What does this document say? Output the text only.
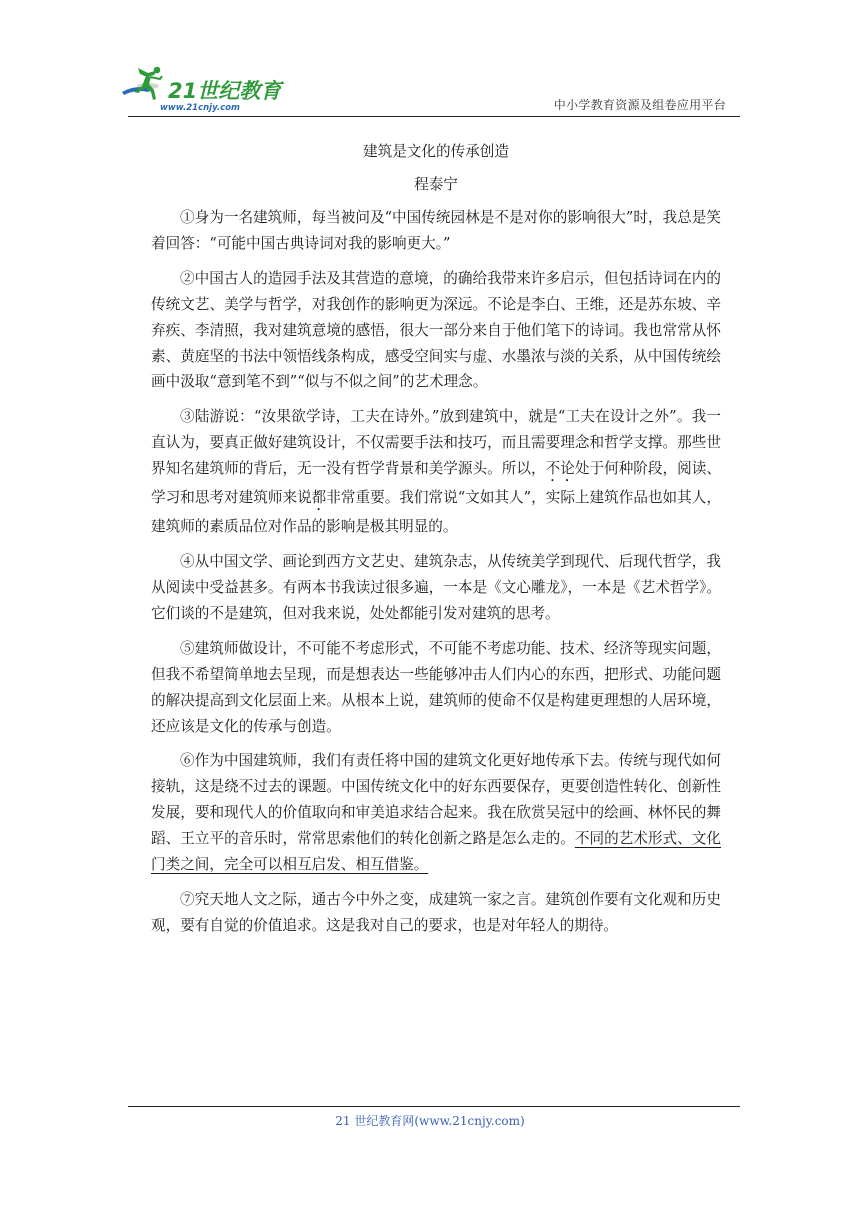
21世纪教育
www.21cnjy.com	中小学教育资源及组卷应用平台
建筑是文化的传承创造
程泰宁

①身为一名建筑师，每当被问及“中国传统园林是不是对你的影响很大”时，我总是笑着回答：“可能中国古典诗词对我的影响更大。”

②中国古人的造园手法及其营造的意境，的确给我带来许多启示，但包括诗词在内的传统文艺、美学与哲学，对我创作的影响更为深远。不论是李白、王维，还是苏东坡、辛弃疾、李清照，我对建筑意境的感悟，很大一部分来自于他们笔下的诗词。我也常常从怀素、黄庭坚的书法中领悟线条构成，感受空间实与虚、水墨浓与淡的关系，从中国传统绘画中汲取“意到笔不到”“似与不似之间”的艺术理念。

③陆游说：“汝果欲学诗，工夫在诗外。”放到建筑中，就是“工夫在设计之外”。我一直认为，要真正做好建筑设计，不仅需要手法和技巧，而且需要理念和哲学支撑。那些世界知名建筑师的背后，无一没有哲学背景和美学源头。所以，不论处于何种阶段，阅读、学习和思考对建筑师来说都非常重要。我们常说“文如其人”，实际上建筑作品也如其人，建筑师的素质品位对作品的影响是极其明显的。

④从中国文学、画论到西方文艺史、建筑杂志，从传统美学到现代、后现代哲学，我从阅读中受益甚多。有两本书我读过很多遍，一本是《文心雕龙》，一本是《艺术哲学》。它们谈的不是建筑，但对我来说，处处都能引发对建筑的思考。

⑤建筑师做设计，不可能不考虑形式，不可能不考虑功能、技术、经济等现实问题，但我不希望简单地去呈现，而是想表达一些能够冲击人们内心的东西，把形式、功能问题的解决提高到文化层面上来。从根本上说，建筑师的使命不仅是构建更理想的人居环境，还应该是文化的传承与创造。

⑥作为中国建筑师，我们有责任将中国的建筑文化更好地传承下去。传统与现代如何接轨，这是绕不过去的课题。中国传统文化中的好东西要保存，更要创造性转化、创新性发展，要和现代人的价值取向和审美追求结合起来。我在欣赏吴冠中的绘画、林怀民的舞蹈、王立平的音乐时，常常思索他们的转化创新之路是怎么走的。不同的艺术形式、文化门类之间，完全可以相互启发、相互借鉴。

⑦究天地人文之际，通古今中外之变，成建筑一家之言。建筑创作要有文化观和历史观，要有自觉的价值追求。这是我对自己的要求，也是对年轻人的期待。

21 世纪教育网(www.21cnjy.com)
